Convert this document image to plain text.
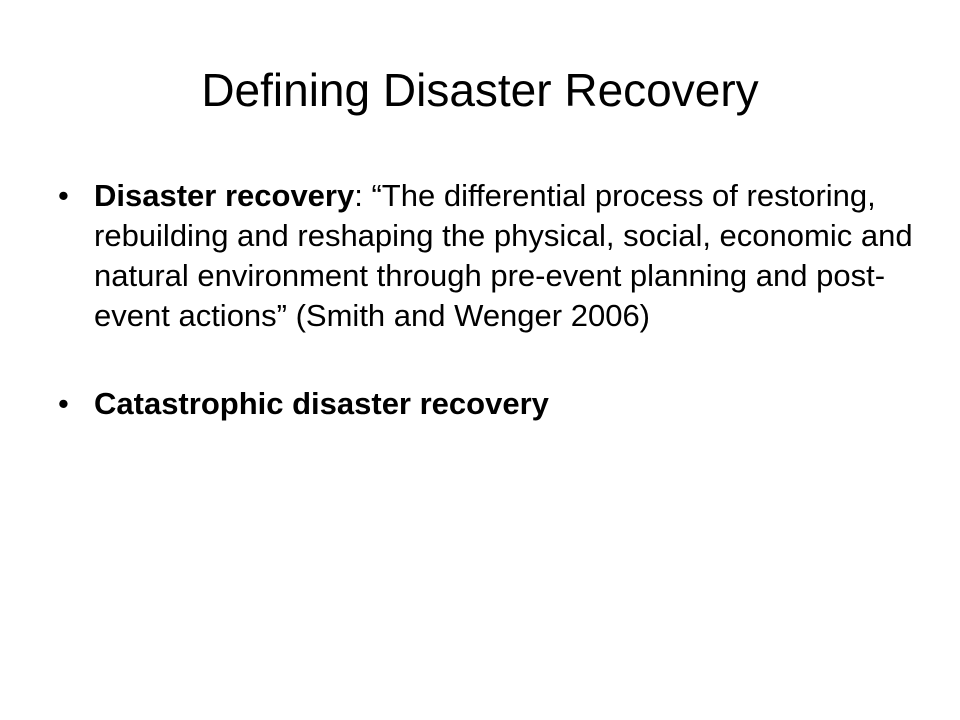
Defining Disaster Recovery
• Disaster recovery: “The differential process of restoring, rebuilding and reshaping the physical, social, economic and natural environment through pre-event planning and post-event actions” (Smith and Wenger 2006)
• Catastrophic disaster recovery
